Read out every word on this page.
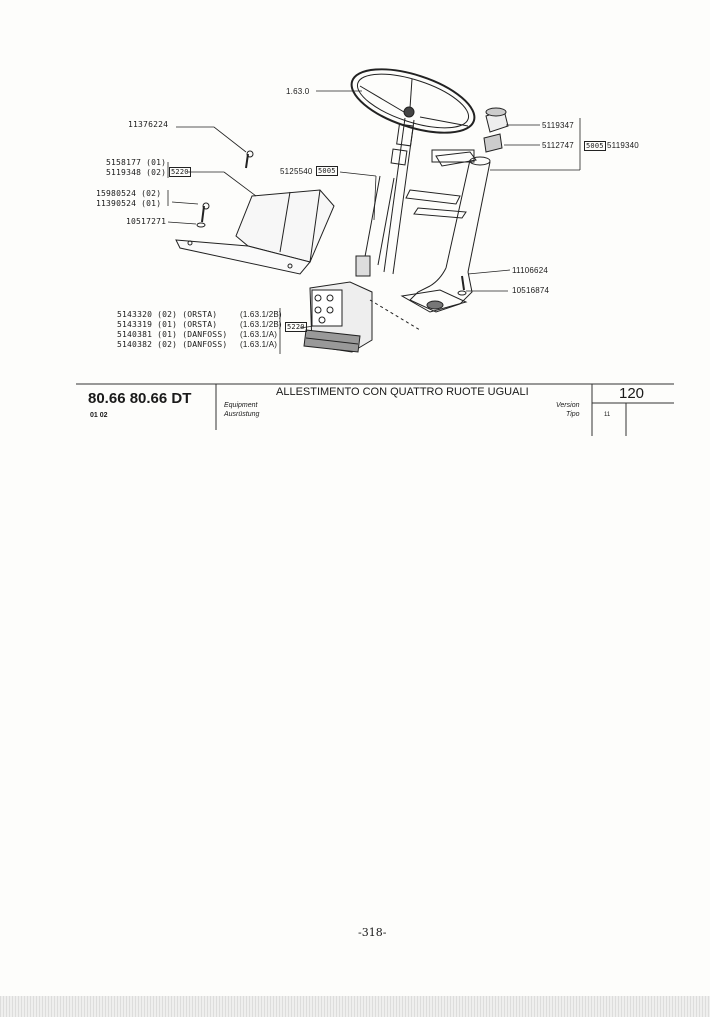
1.63.0
11376224
5158177 (01)
5119348 (02) 5220
15980524 (02)
11390524 (01)
10517271
5125540 5005
5119347
5112747 5005 5119340
11106624
10516874
5143320 (02) (ORSTA)	(1.63.1/2B)
5143319 (01) (ORSTA)	(1.63.1/2B)
5140381 (01) (DANFOSS) (1.63.1/A)
5140382 (02) (DANFOSS) (1.63.1/A)
5220
80.66 80.66 DT
01 02
Equipment
Ausrüstung
ALLESTIMENTO CON QUATTRO RUOTE UGUALI
Version
Tipo
120
11
-318-
